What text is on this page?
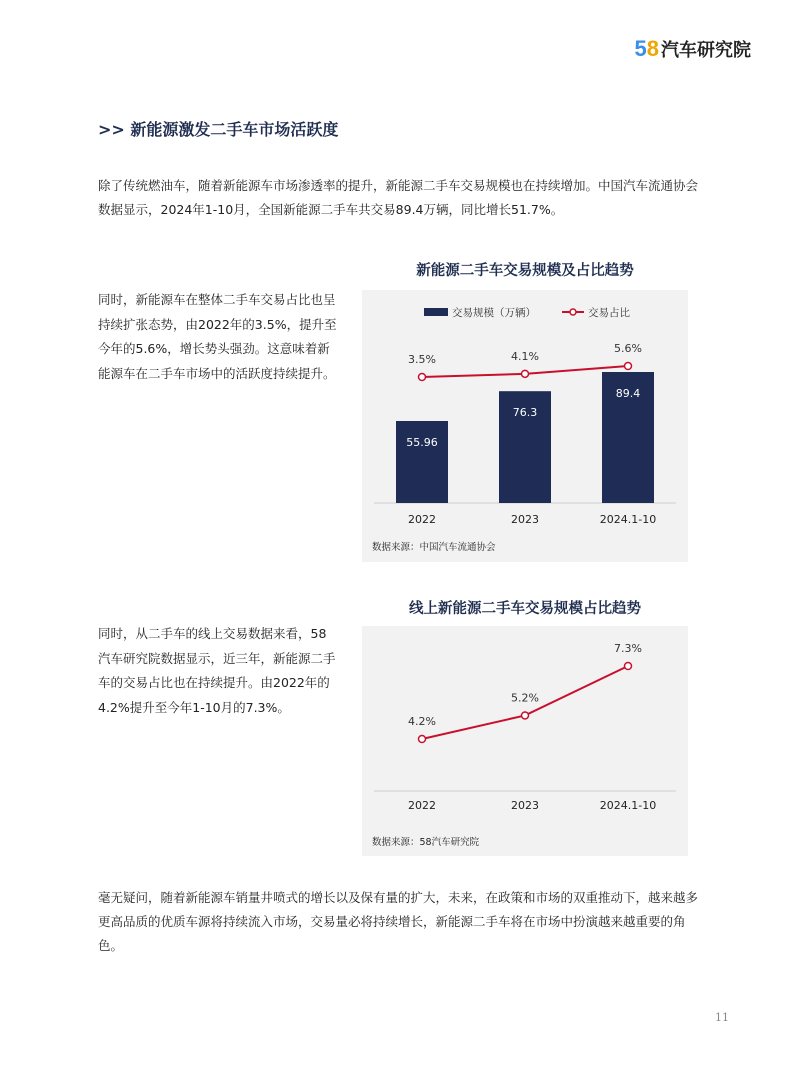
5 8 汽车研究院
>> 新能源激发二手车市场活跃度
除了传统燃油车，随着新能源车市场渗透率的提升，新能源二手车交易规模也在持续增加。中国汽车流通协会数据显示，2024年1-10月，全国新能源二手车共交易89.4万辆，同比增长51.7%。
新能源二手车交易规模及占比趋势
同时，新能源车在整体二手车交易占比也呈持续扩张态势，由2022年的3.5%，提升至今年的5.6%，增长势头强劲。这意味着新能源车在二手车市场中的活跃度持续提升。
交易规模（万辆）	交易占比
55.96
76.3
89.4
3.5%	4.1%
5.6%
2022	2023	2024.1-10
数据来源：中国汽车流通协会
线上新能源二手车交易规模占比趋势
同时，从二手车的线上交易数据来看，58汽车研究院数据显示，近三年，新能源二手车的交易占比也在持续提升。由2022年的4.2%提升至今年1-10月的7.3%。
4.2%
5.2%
7.3%
2022	2023	2024.1-10
数据来源：58汽车研究院
毫无疑问，随着新能源车销量井喷式的增长以及保有量的扩大，未来，在政策和市场的双重推动下，越来越多更高品质的优质车源将持续流入市场，交易量必将持续增长，新能源二手车将在市场中扮演越来越重要的角色。
11
